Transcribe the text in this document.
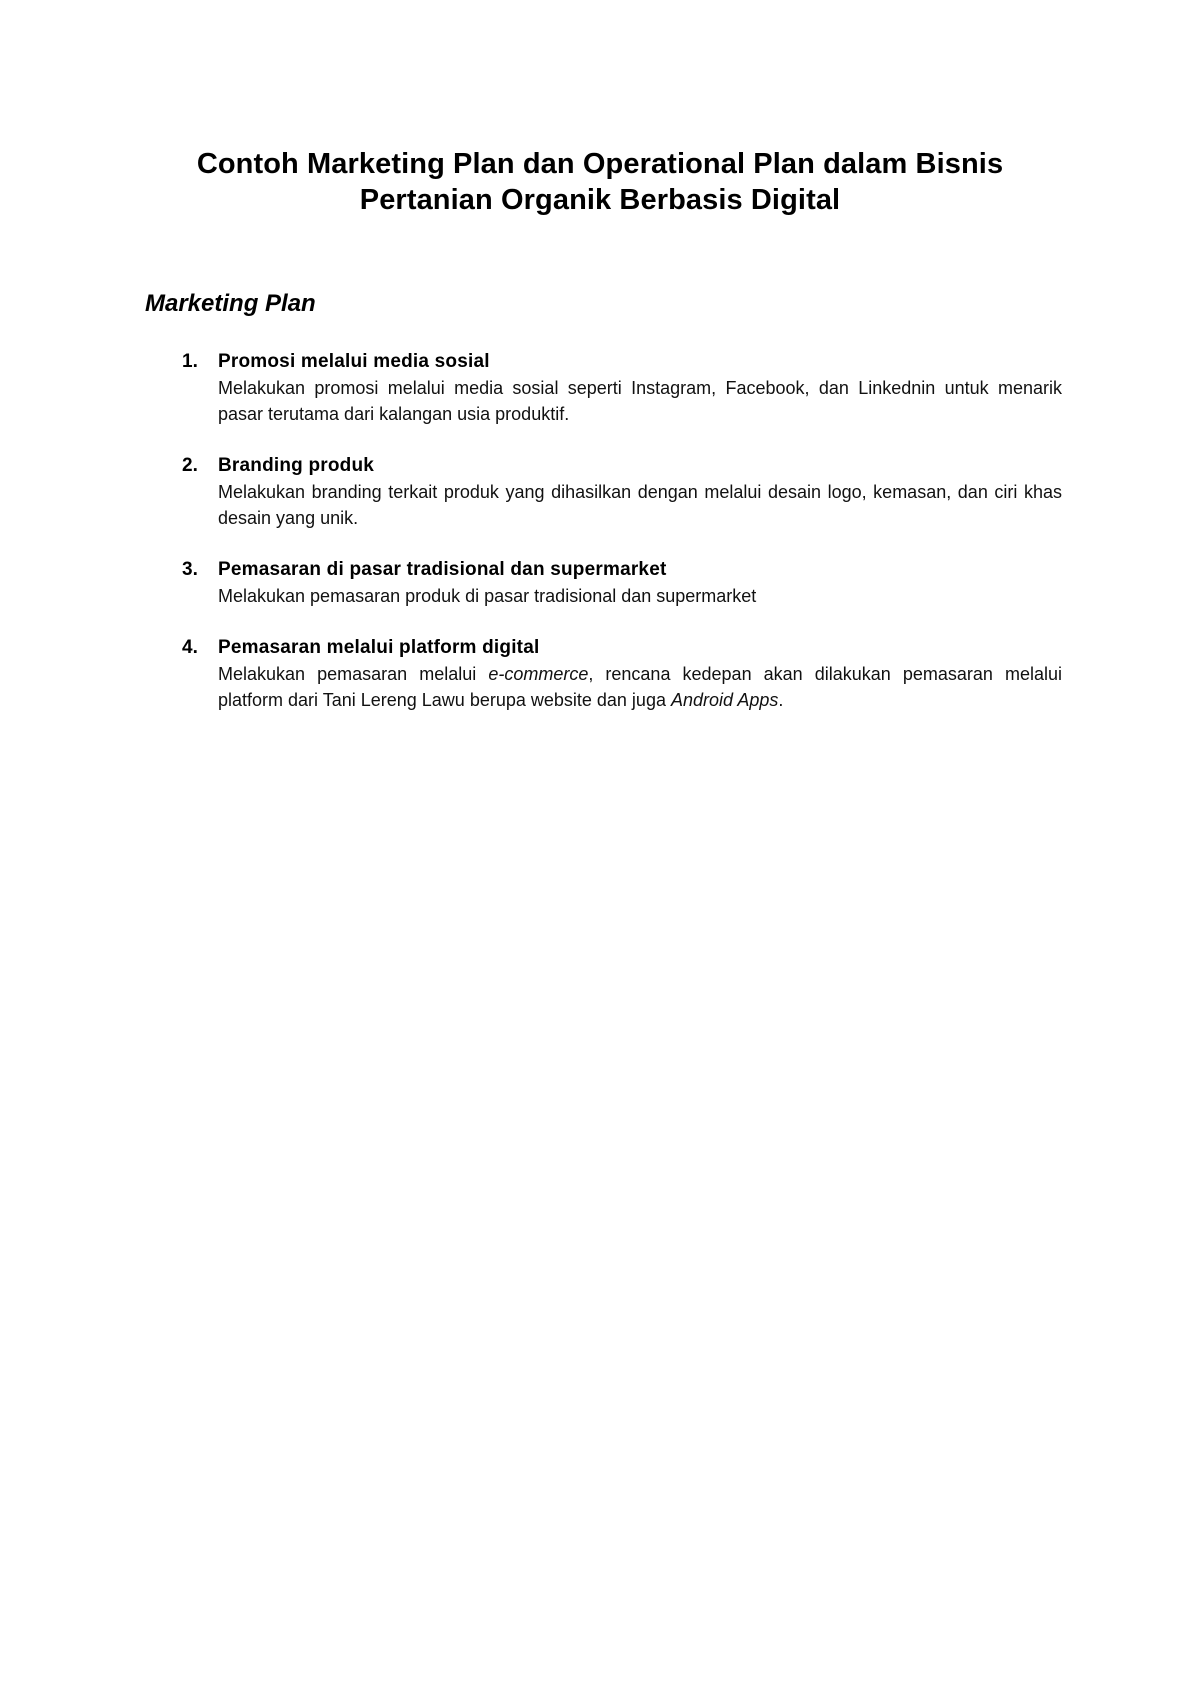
Contoh Marketing Plan dan Operational Plan dalam Bisnis
Pertanian Organik Berbasis Digital
Marketing Plan
1. Promosi melalui media sosial
Melakukan promosi melalui media sosial seperti Instagram, Facebook, dan Linkednin untuk menarik pasar terutama dari kalangan usia produktif.
2. Branding produk
Melakukan branding terkait produk yang dihasilkan dengan melalui desain logo, kemasan, dan ciri khas desain yang unik.
3. Pemasaran di pasar tradisional dan supermarket
Melakukan pemasaran produk di pasar tradisional dan supermarket
4. Pemasaran melalui platform digital
Melakukan pemasaran melalui e-commerce, rencana kedepan akan dilakukan pemasaran melalui platform dari Tani Lereng Lawu berupa website dan juga Android Apps.
